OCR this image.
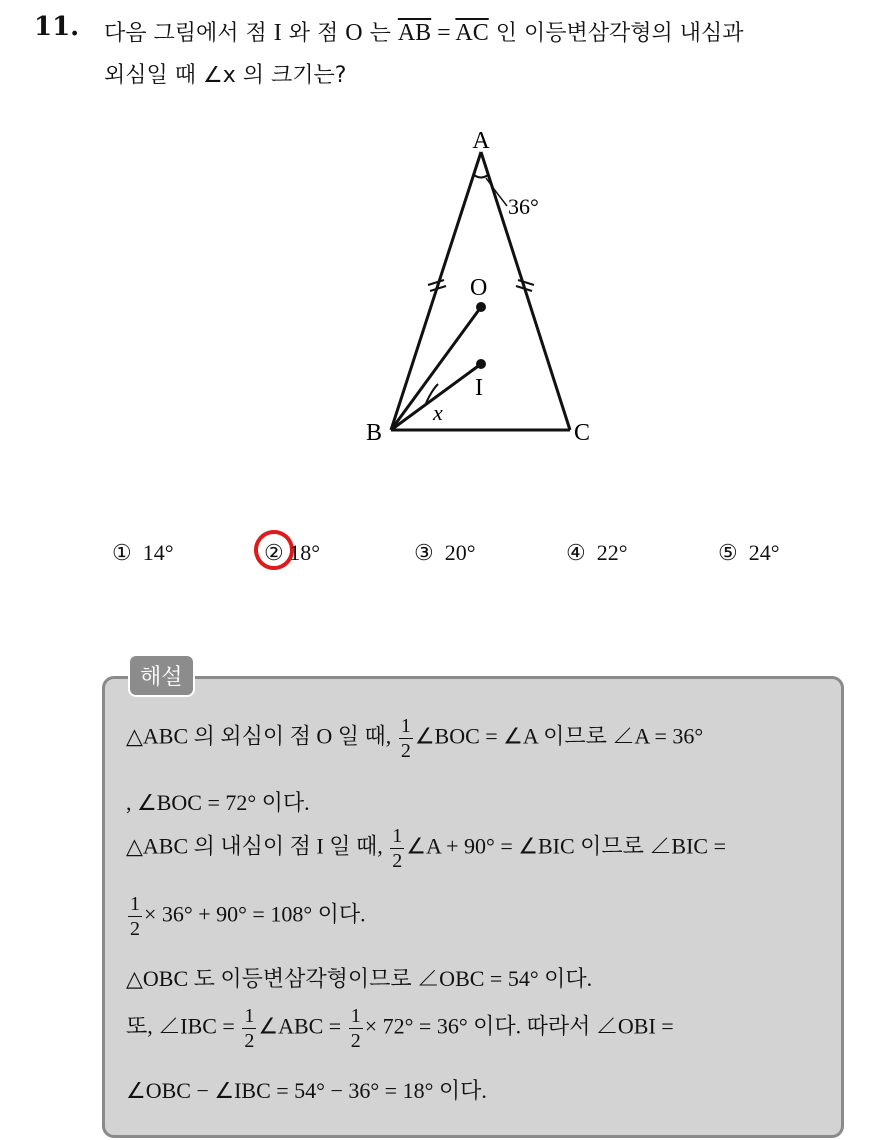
11. 다음 그림에서 점 I 와 점 O 는 $\overline{AB} = \overline{AC}$ 인 이등변삼각형의 내심과
외심일 때 ∠x 의 크기는?
A
B	C
O
I
x
36°
① 14°	② 18°	③ 20°	④ 22°	⑤ 24°
해설
△ABC 의 외심이 점 O 일 때, $\frac{1}{2}$ ∠BOC = ∠A 이므로 ∠A = 36°
, ∠BOC = 72° 이다.
△ABC 의 내심이 점 I 일 때, $\frac{1}{2}$ ∠A + 90° = ∠BIC 이므로 ∠BIC =
$\frac{1}{2} \times 36^\circ + 90^\circ = 108^\circ$ 이다.
△OBC 도 이등변삼각형이므로 ∠OBC = 54° 이다.
또, ∠IBC = $\frac{1}{2}$ ∠ABC = $\frac{1}{2} \times 72^\circ = 36^\circ$ 이다. 따라서 ∠OBI =
∠OBC − ∠IBC = 54° − 36° = 18° 이다.
